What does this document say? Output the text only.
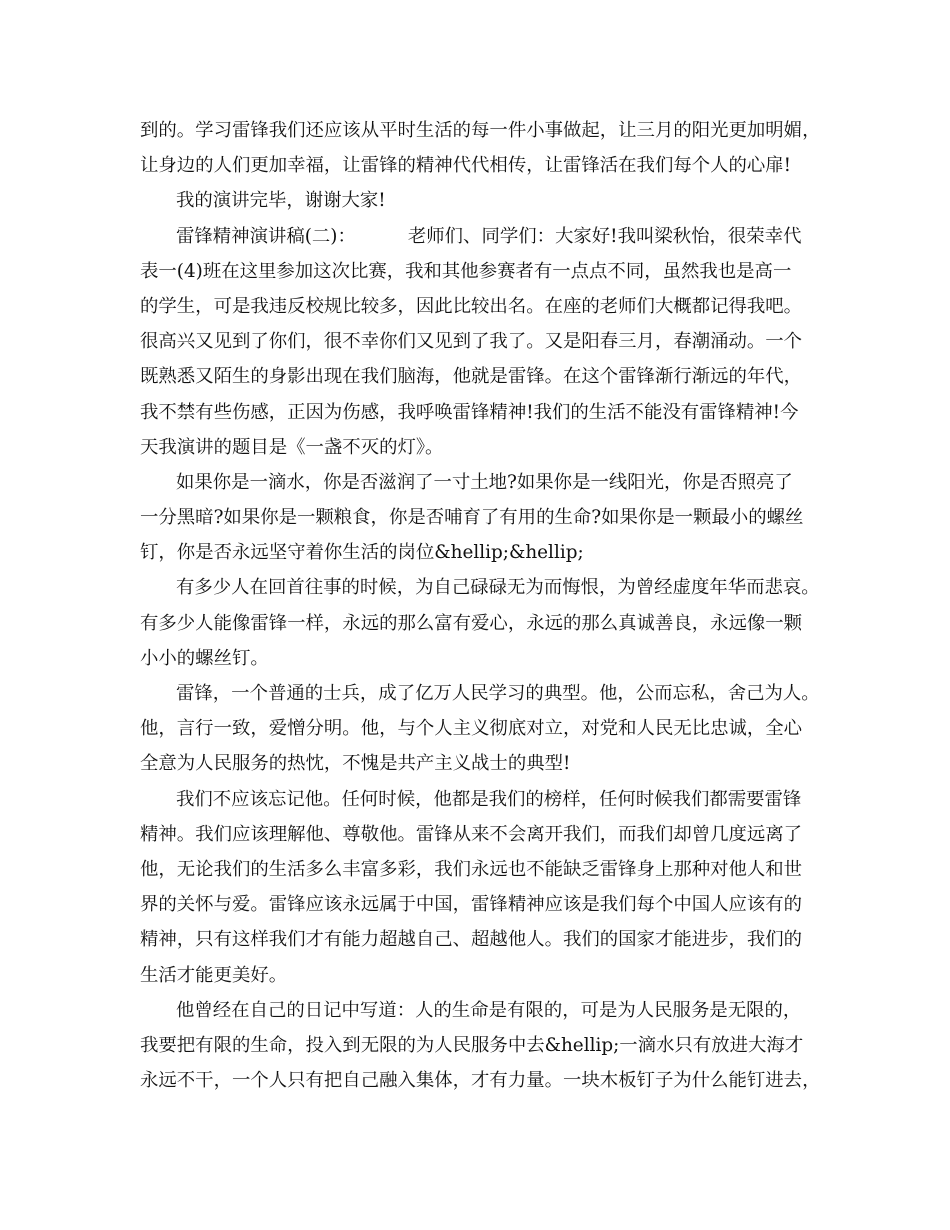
到的。学习雷锋我们还应该从平时生活的每一件小事做起，让三月的阳光更加明媚，
让身边的人们更加幸福，让雷锋的精神代代相传，让雷锋活在我们每个人的心扉!
我的演讲完毕，谢谢大家!
雷锋精神演讲稿(二)：	老师们、同学们：大家好!我叫梁秋怡，很荣幸代
表一(4)班在这里参加这次比赛，我和其他参赛者有一点点不同，虽然我也是高一
的学生，可是我违反校规比较多，因此比较出名。在座的老师们大概都记得我吧。
很高兴又见到了你们，很不幸你们又见到了我了。又是阳春三月，春潮涌动。一个
既熟悉又陌生的身影出现在我们脑海，他就是雷锋。在这个雷锋渐行渐远的年代，
我不禁有些伤感，正因为伤感，我呼唤雷锋精神!我们的生活不能没有雷锋精神!今
天我演讲的题目是《一盏不灭的灯》。
如果你是一滴水，你是否滋润了一寸土地?如果你是一线阳光，你是否照亮了
一分黑暗?如果你是一颗粮食，你是否哺育了有用的生命?如果你是一颗最小的螺丝
钉，你是否永远坚守着你生活的岗位&hellip;&hellip;
有多少人在回首往事的时候，为自己碌碌无为而悔恨，为曾经虚度年华而悲哀。
有多少人能像雷锋一样，永远的那么富有爱心，永远的那么真诚善良，永远像一颗
小小的螺丝钉。
雷锋，一个普通的士兵，成了亿万人民学习的典型。他，公而忘私，舍己为人。
他，言行一致，爱憎分明。他，与个人主义彻底对立，对党和人民无比忠诚，全心
全意为人民服务的热忱，不愧是共产主义战士的典型!
我们不应该忘记他。任何时候，他都是我们的榜样，任何时候我们都需要雷锋
精神。我们应该理解他、尊敬他。雷锋从来不会离开我们，而我们却曾几度远离了
他，无论我们的生活多么丰富多彩，我们永远也不能缺乏雷锋身上那种对他人和世
界的关怀与爱。雷锋应该永远属于中国，雷锋精神应该是我们每个中国人应该有的
精神，只有这样我们才有能力超越自己、超越他人。我们的国家才能进步，我们的
生活才能更美好。
他曾经在自己的日记中写道：人的生命是有限的，可是为人民服务是无限的，
我要把有限的生命，投入到无限的为人民服务中去&hellip;一滴水只有放进大海才
永远不干，一个人只有把自己融入集体，才有力量。一块木板钉子为什么能钉进去，
